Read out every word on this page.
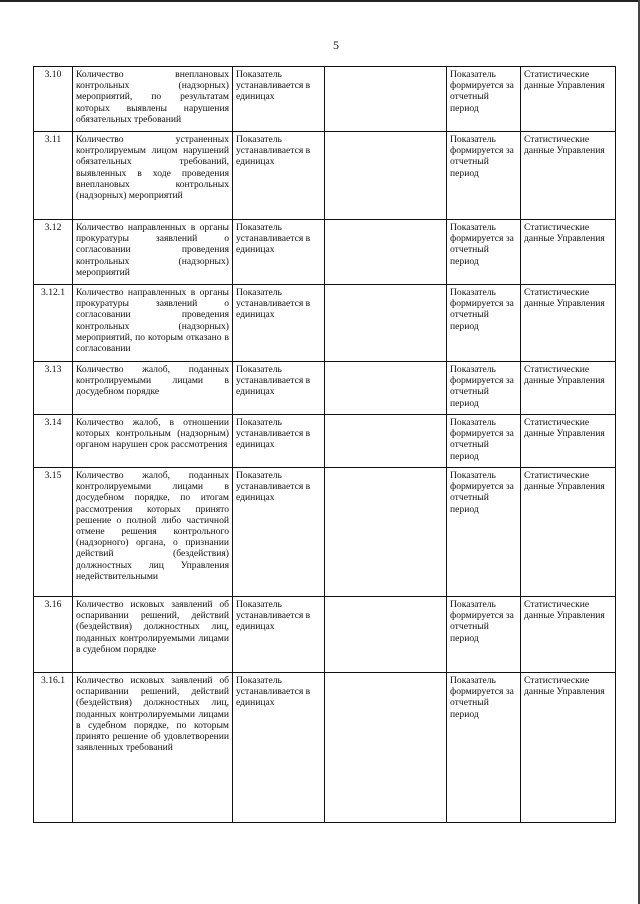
5
3.10	Количество внеплановых контрольных (надзорных) мероприятий, по результатам которых выявлены нарушения обязательных требований	Показатель устанавливается в единицах		Показатель формируется за отчетный период	Статистические данные Управления
3.11	Количество устраненных контролируемым лицом нарушений обязательных требований, выявленных в ходе проведения внеплановых контрольных (надзорных) мероприятий	Показатель устанавливается в единицах		Показатель формируется за отчетный период	Статистические данные Управления
3.12	Количество направленных в органы прокуратуры заявлений о согласовании проведения контрольных (надзорных) мероприятий	Показатель устанавливается в единицах		Показатель формируется за отчетный период	Статистические данные Управления
3.12.1	Количество направленных в органы прокуратуры заявлений о согласовании проведения контрольных (надзорных) мероприятий, по которым отказано в согласовании	Показатель устанавливается в единицах		Показатель формируется за отчетный период	Статистические данные Управления
3.13	Количество жалоб, поданных контролируемыми лицами в досудебном порядке	Показатель устанавливается в единицах		Показатель формируется за отчетный период	Статистические данные Управления
3.14	Количество жалоб, в отношении которых контрольным (надзорным) органом нарушен срок рассмотрения	Показатель устанавливается в единицах		Показатель формируется за отчетный период	Статистические данные Управления
3.15	Количество жалоб, поданных контролируемыми лицами в досудебном порядке, по итогам рассмотрения которых принято решение о полной либо частичной отмене решения контрольного (надзорного) органа, о признании действий (бездействия) должностных лиц Управления недействительными	Показатель устанавливается в единицах		Показатель формируется за отчетный период	Статистические данные Управления
3.16	Количество исковых заявлений об оспаривании решений, действий (бездействия) должностных лиц, поданных контролируемыми лицами в судебном порядке	Показатель устанавливается в единицах		Показатель формируется за отчетный период	Статистические данные Управления
3.16.1	Количество исковых заявлений об оспаривании решений, действий (бездействия) должностных лиц, поданных контролируемыми лицами в судебном порядке, по которым принято решение об удовлетворении заявленных требований	Показатель устанавливается в единицах		Показатель формируется за отчетный период	Статистические данные Управления
